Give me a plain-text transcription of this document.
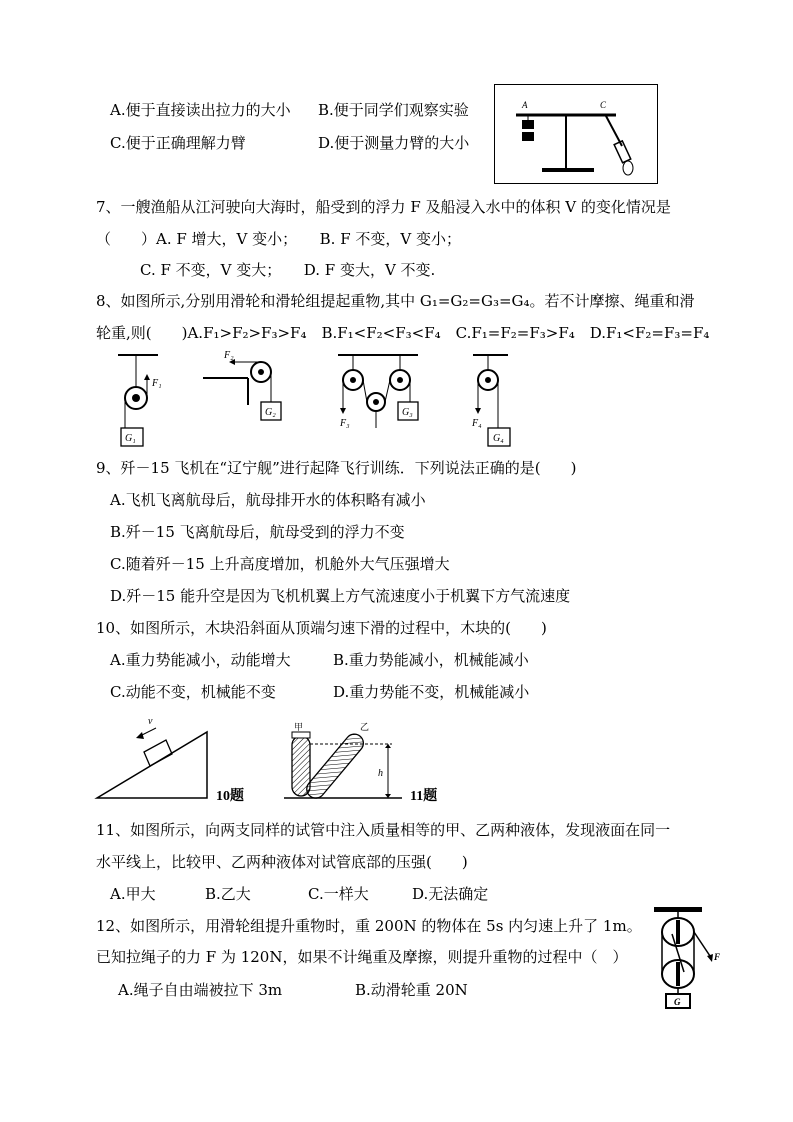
A.便于直接读出拉力的大小 B.便于同学们观察实验
C.便于正确理解力臂	D.便于测量力臂的大小
A	C
7、一艘渔船从江河驶向大海时，船受到的浮力 F 及船浸入水中的体积 V 的变化情况是
（　　）A. F 增大，V 变小；　　B. F 不变，V 变小；
C. F 不变，V 变大；　　D. F 变大，V 不变.
8、如图所示,分别用滑轮和滑轮组提起重物,其中 G₁=G₂=G₃=G₄。若不计摩擦、绳重和滑
轮重,则(　　)A.F₁>F₂>F₃>F₄　B.F₁<F₂<F₃<F₄　C.F₁=F₂=F₃>F₄　D.F₁<F₂=F₃=F₄
F₁
G₁
F₂
G₂
F₃
G₃
F₄
G₄
9、歼－15 飞机在“辽宁舰”进行起降飞行训练．下列说法正确的是(　　)
A.飞机飞离航母后，航母排开水的体积略有减小
B.歼－15 飞离航母后，航母受到的浮力不变
C.随着歼－15 上升高度增加，机舱外大气压强增大
D.歼－15 能升空是因为飞机机翼上方气流速度小于机翼下方气流速度
10、如图所示，木块沿斜面从顶端匀速下滑的过程中，木块的(　　)
A.重力势能减小，动能增大	B.重力势能减小，机械能减小
C.动能不变，机械能不变	D.重力势能不变，机械能减小
v
10题
h
甲	乙
11题
11、如图所示，向两支同样的试管中注入质量相等的甲、乙两种液体，发现液面在同一
水平线上，比较甲、乙两种液体对试管底部的压强(　　)
A.甲大	B.乙大	C.一样大	D.无法确定
12、如图所示，用滑轮组提升重物时，重 200N 的物体在 5s 内匀速上升了 1m。
已知拉绳子的力 F 为 120N，如果不计绳重及摩擦，则提升重物的过程中（　）
A.绳子自由端被拉下 3m	B.动滑轮重 20N
F
G
